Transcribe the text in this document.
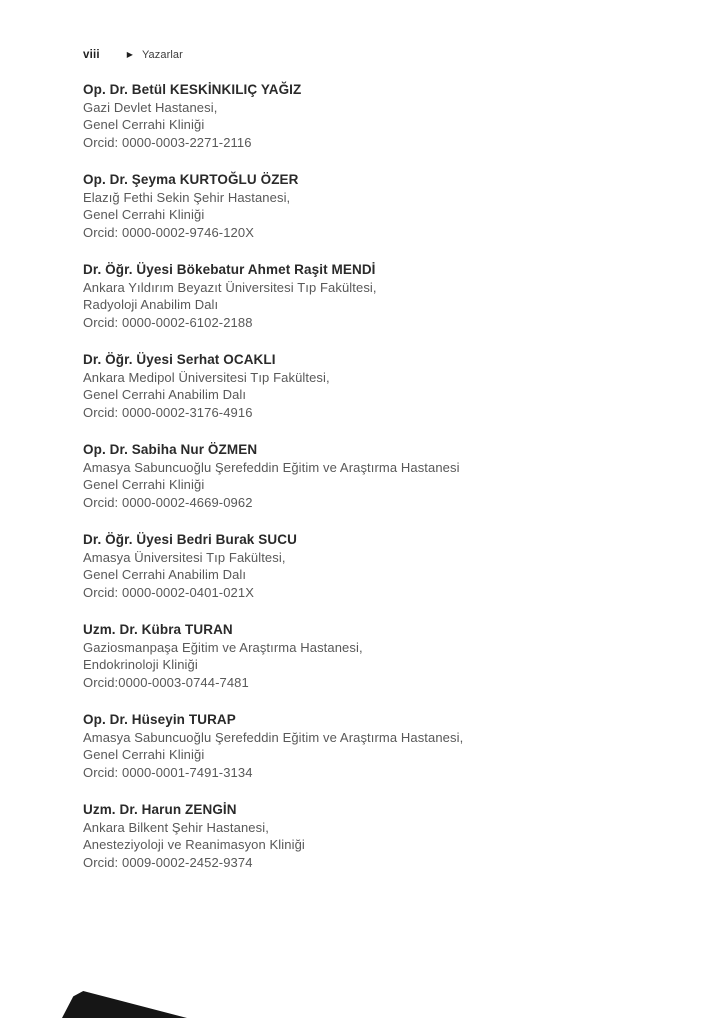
viii	▶ Yazarlar
Op. Dr. Betül KESKİNKILIÇ YAĞIZ

Gazi Devlet Hastanesi,

Genel Cerrahi Kliniği

Orcid: 0000-0003-2271-2116

Op. Dr. Şeyma KURTOĞLU ÖZER

Elazığ Fethi Sekin Şehir Hastanesi,

Genel Cerrahi Kliniği

Orcid: 0000-0002-9746-120X

Dr. Öğr. Üyesi Bökebatur Ahmet Raşit MENDİ

Ankara Yıldırım Beyazıt Üniversitesi Tıp Fakültesi,

Radyoloji Anabilim Dalı

Orcid: 0000-0002-6102-2188

Dr. Öğr. Üyesi Serhat OCAKLI

Ankara Medipol Üniversitesi Tıp Fakültesi,

Genel Cerrahi Anabilim Dalı

Orcid: 0000-0002-3176-4916

Op. Dr. Sabiha Nur ÖZMEN

Amasya Sabuncuoğlu Şerefeddin Eğitim ve Araştırma Hastanesi

Genel Cerrahi Kliniği

Orcid: 0000-0002-4669-0962

Dr. Öğr. Üyesi Bedri Burak SUCU

Amasya Üniversitesi Tıp Fakültesi,

Genel Cerrahi Anabilim Dalı

Orcid: 0000-0002-0401-021X

Uzm. Dr. Kübra TURAN

Gaziosmanpaşa Eğitim ve Araştırma Hastanesi,

Endokrinoloji Kliniği

Orcid:0000-0003-0744-7481

Op. Dr. Hüseyin TURAP

Amasya Sabuncuoğlu Şerefeddin Eğitim ve Araştırma Hastanesi,

Genel Cerrahi Kliniği

Orcid: 0000-0001-7491-3134

Uzm. Dr. Harun ZENGİN

Ankara Bilkent Şehir Hastanesi,

Anesteziyoloji ve Reanimasyon Kliniği

Orcid: 0009-0002-2452-9374
